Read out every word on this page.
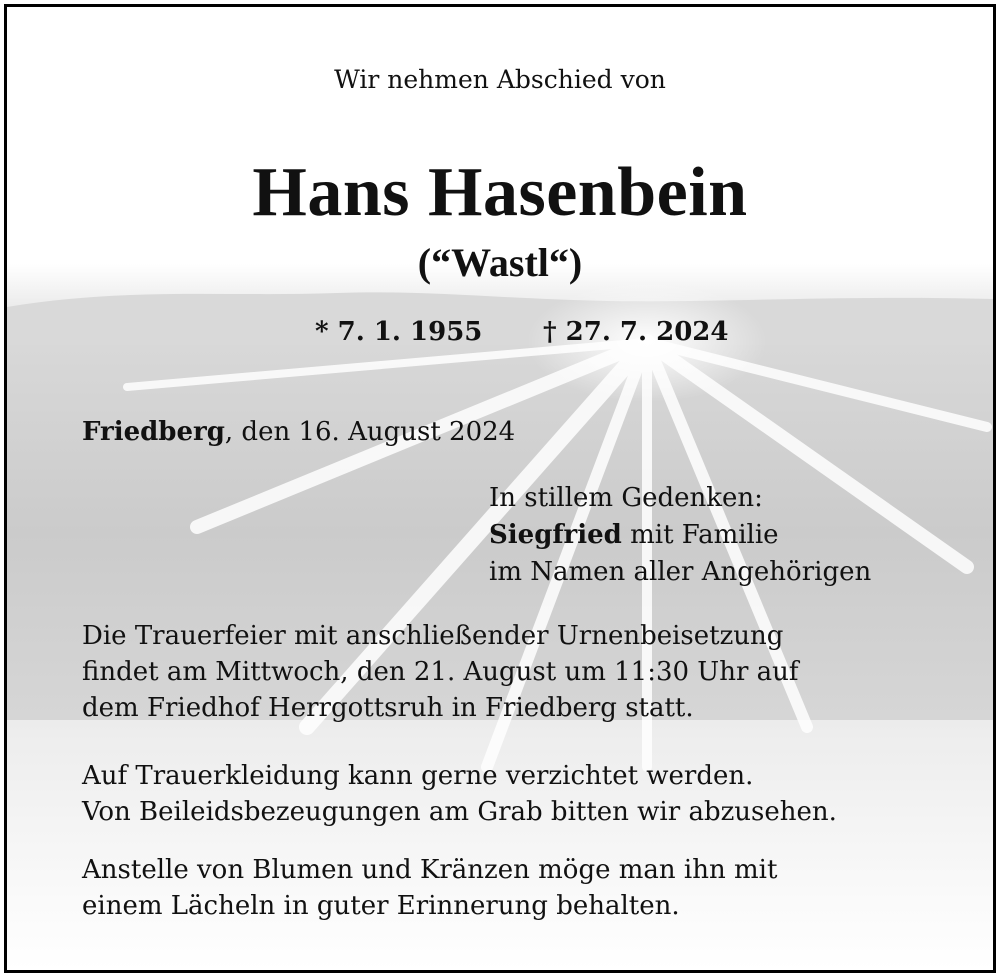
Wir nehmen Abschied von
Hans Hasenbein
(“Wastl“)
* 7. 1. 1955 † 27. 7. 2024
Friedberg, den 16. August 2024
In stillem Gedenken:
Siegfried mit Familie
im Namen aller Angehörigen
Die Trauerfeier mit anschließender Urnenbeisetzung
findet am Mittwoch, den 21. August um 11:30 Uhr auf
dem Friedhof Herrgottsruh in Friedberg statt.
Auf Trauerkleidung kann gerne verzichtet werden.
Von Beileidsbezeugungen am Grab bitten wir abzusehen.
Anstelle von Blumen und Kränzen möge man ihn mit
einem Lächeln in guter Erinnerung behalten.
